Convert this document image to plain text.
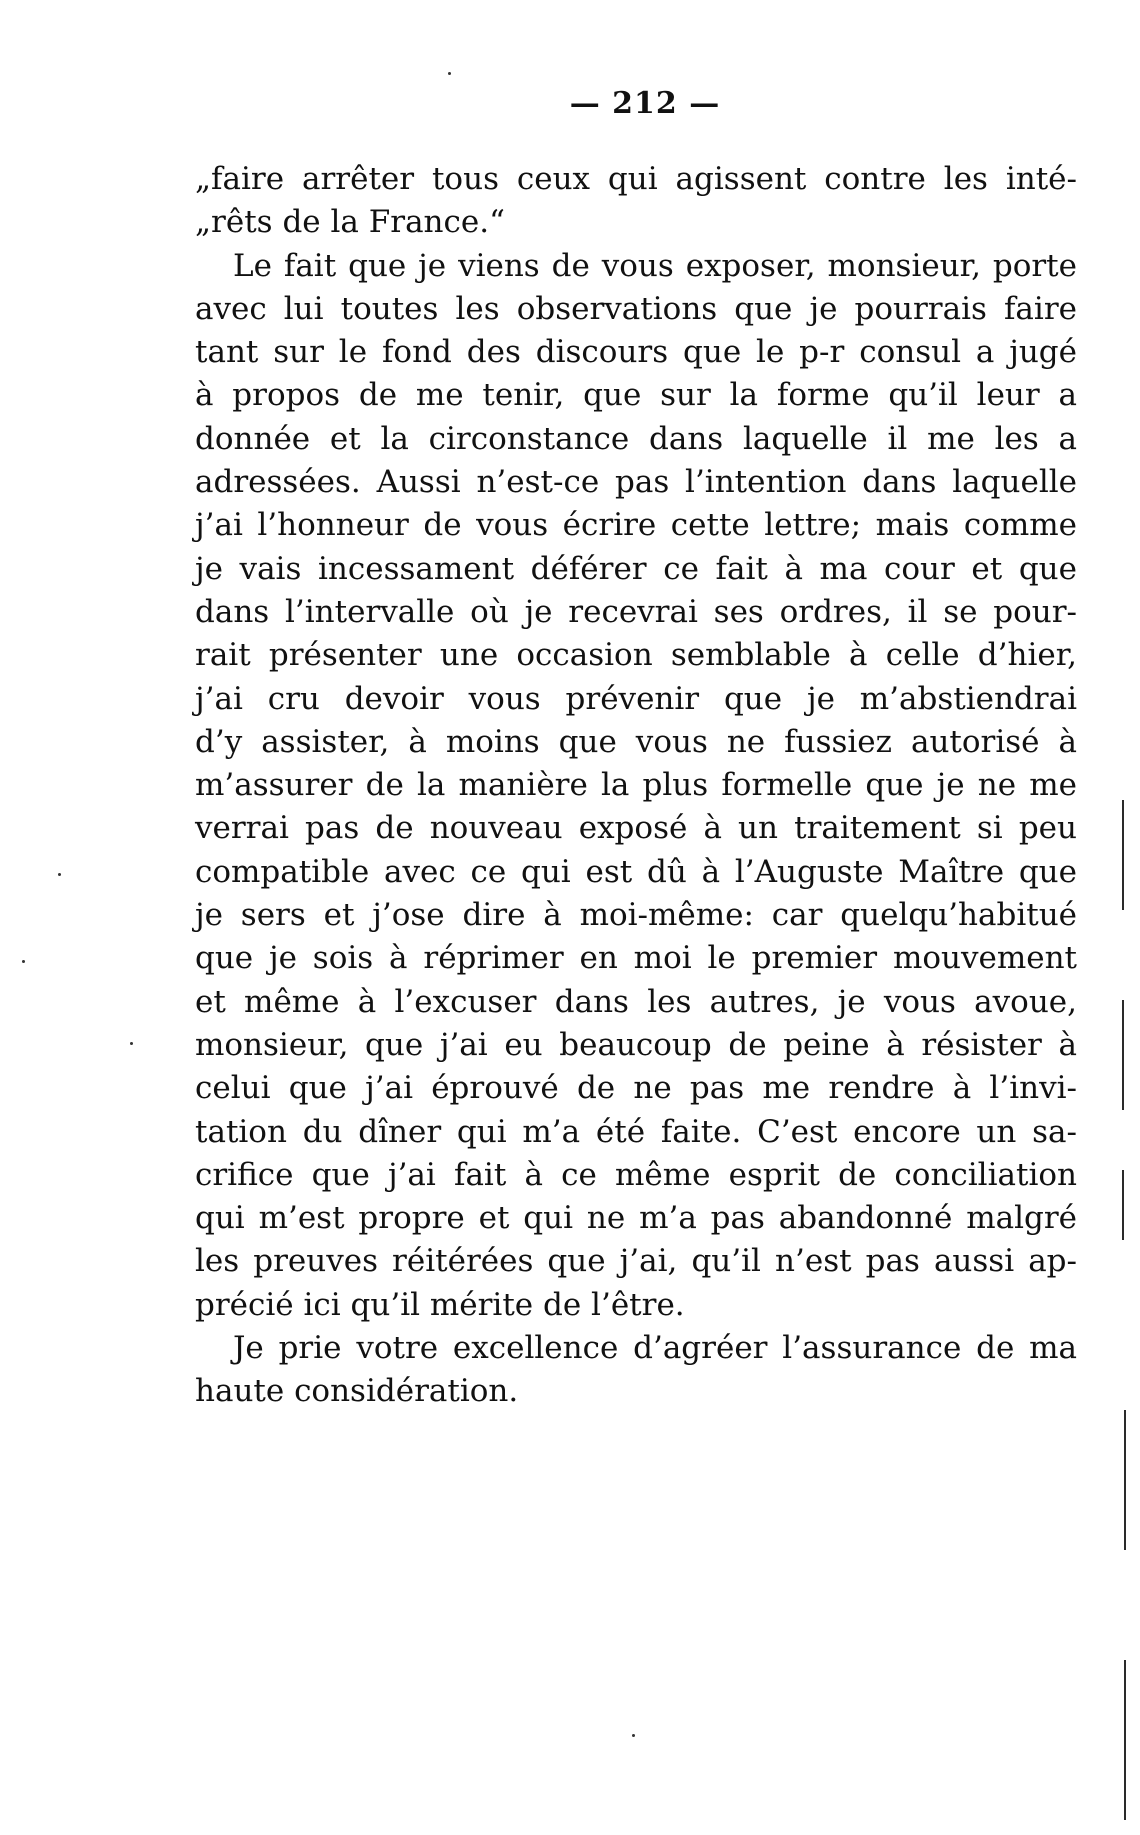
— 212 —
„faire arrêter tous ceux qui agissent contre les inté-
„rêts de la France.“
Le fait que je viens de vous exposer, monsieur, porte
avec lui toutes les observations que je pourrais faire
tant sur le fond des discours que le p-r consul a jugé
à propos de me tenir, que sur la forme qu’il leur a
donnée et la circonstance dans laquelle il me les a
adressées. Aussi n’est-ce pas l’intention dans laquelle
j’ai l’honneur de vous écrire cette lettre; mais comme
je vais incessament déférer ce fait à ma cour et que
dans l’intervalle où je recevrai ses ordres, il se pour-
rait présenter une occasion semblable à celle d’hier,
j’ai cru devoir vous prévenir que je m’abstiendrai
d’y assister, à moins que vous ne fussiez autorisé à
m’assurer de la manière la plus formelle que je ne me
verrai pas de nouveau exposé à un traitement si peu
compatible avec ce qui est dû à l’Auguste Maître que
je sers et j’ose dire à moi-même: car quelqu’habitué
que je sois à réprimer en moi le premier mouvement
et même à l’excuser dans les autres, je vous avoue,
monsieur, que j’ai eu beaucoup de peine à résister à
celui que j’ai éprouvé de ne pas me rendre à l’invi-
tation du dîner qui m’a été faite. C’est encore un sa-
crifice que j’ai fait à ce même esprit de conciliation
qui m’est propre et qui ne m’a pas abandonné malgré
les preuves réitérées que j’ai, qu’il n’est pas aussi ap-
précié ici qu’il mérite de l’être.
Je prie votre excellence d’agréer l’assurance de ma
haute considération.
